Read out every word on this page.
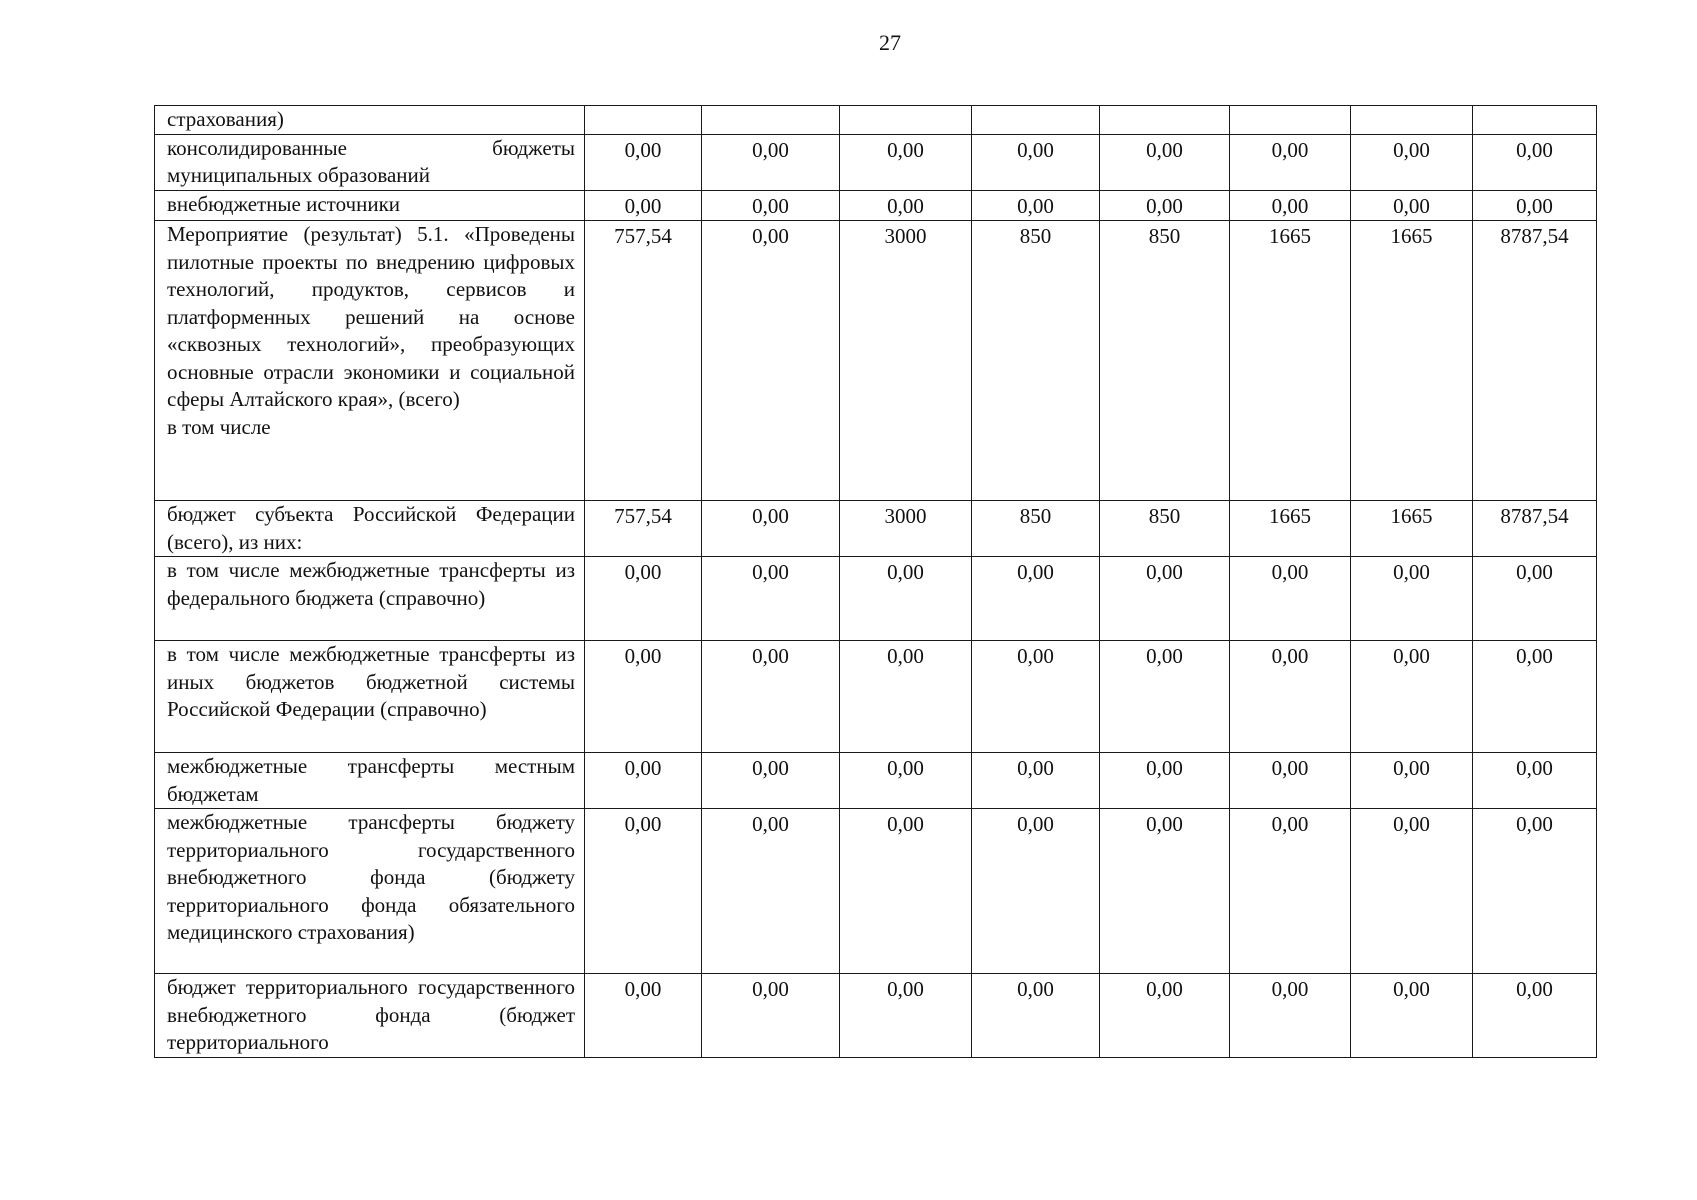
27
страхования)								
консолидированные бюджеты муниципальных образований	0,00	0,00	0,00	0,00	0,00	0,00	0,00	0,00
внебюджетные источники	0,00	0,00	0,00	0,00	0,00	0,00	0,00	0,00
Мероприятие (результат) 5.1. «Проведены пилотные проекты по внедрению цифровых технологий, продуктов, сервисов и платформенных решений на основе «сквозных технологий», преобразующих основные отрасли экономики и социальной сферы Алтайского края», (всего)
в том числе	757,54	0,00	3000	850	850	1665	1665	8787,54
бюджет субъекта Российской Федерации (всего), из них:	757,54	0,00	3000	850	850	1665	1665	8787,54
в том числе межбюджетные трансферты из федерального бюджета (справочно)	0,00	0,00	0,00	0,00	0,00	0,00	0,00	0,00
в том числе межбюджетные трансферты из иных бюджетов бюджетной системы Российской Федерации (справочно)	0,00	0,00	0,00	0,00	0,00	0,00	0,00	0,00
межбюджетные трансферты местным бюджетам	0,00	0,00	0,00	0,00	0,00	0,00	0,00	0,00
межбюджетные трансферты бюджету территориального государственного внебюджетного фонда (бюджету территориального фонда обязательного медицинского страхования)	0,00	0,00	0,00	0,00	0,00	0,00	0,00	0,00
бюджет территориального государственного внебюджетного фонда (бюджет территориального	0,00	0,00	0,00	0,00	0,00	0,00	0,00	0,00
